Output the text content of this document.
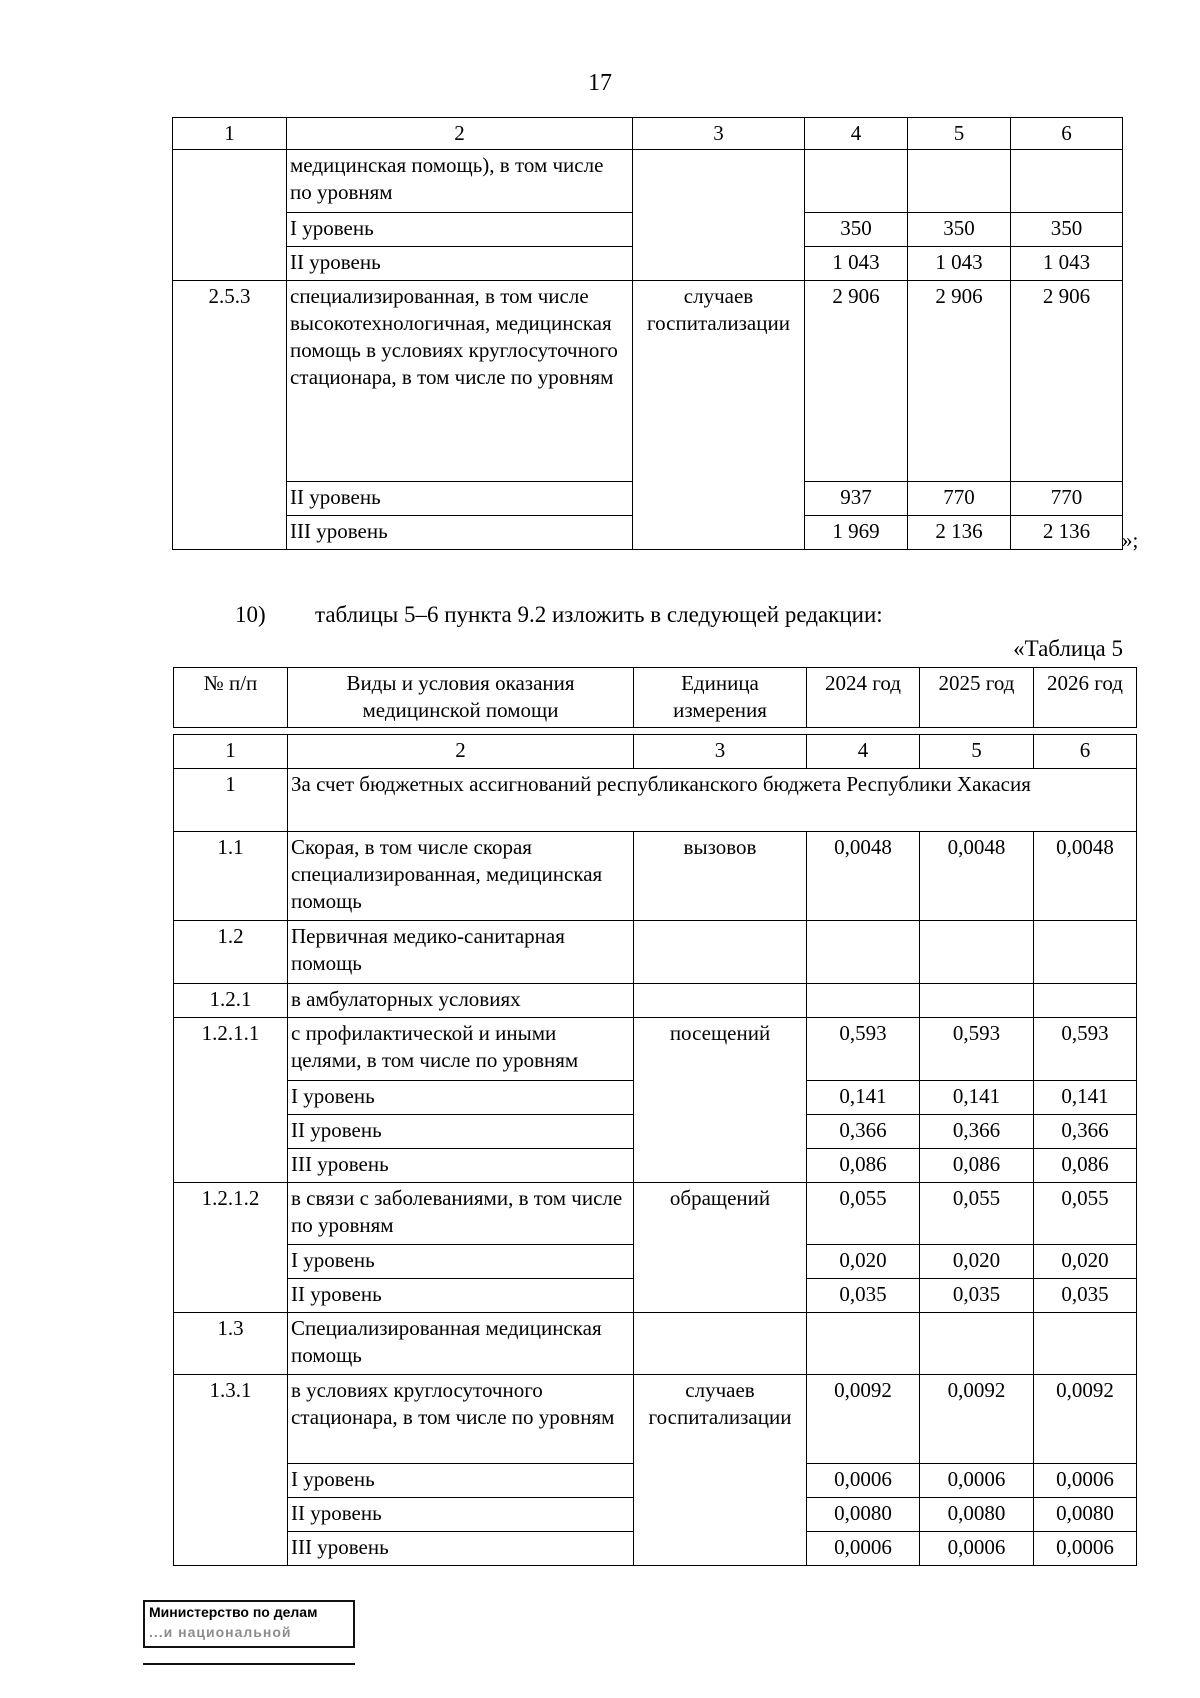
17
1	2	3	4	5	6
	медицинская помощь), в том числе по уровням				
	I уровень		350	350	350
	II уровень		1 043	1 043	1 043
2.5.3	специализированная, в том числе высокотехнологичная, медицинская помощь в условиях круглосуточного стационара, в том числе по уровням	случаев госпитализации	2 906	2 906	2 906
	II уровень		937	770	770
	III уровень		1 969	2 136	2 136 »;
10) таблицы 5–6 пункта 9.2 изложить в следующей редакции:
«Таблица 5
№ п/п	Виды и условия оказания медицинской помощи	Единица измерения	2024 год	2025 год	2026 год
1	2	3	4	5	6
1	За счет бюджетных ассигнований республиканского бюджета Республики Хакасия				
1.1	Скорая, в том числе скорая специализированная, медицинская помощь	вызовов	0,0048	0,0048	0,0048
1.2	Первичная медико-санитарная помощь				
1.2.1	в амбулаторных условиях				
1.2.1.1	с профилактической и иными целями, в том числе по уровням	посещений	0,593	0,593	0,593
	I уровень		0,141	0,141	0,141
	II уровень		0,366	0,366	0,366
	III уровень		0,086	0,086	0,086
1.2.1.2	в связи с заболеваниями, в том числе по уровням	обращений	0,055	0,055	0,055
	I уровень		0,020	0,020	0,020
	II уровень		0,035	0,035	0,035
1.3	Специализированная медицинская помощь				
1.3.1	в условиях круглосуточного стационара, в том числе по уровням	случаев госпитализации	0,0092	0,0092	0,0092
	I уровень		0,0006	0,0006	0,0006
	II уровень		0,0080	0,0080	0,0080
	III уровень		0,0006	0,0006	0,0006
Министерство по делам
...и национальной
